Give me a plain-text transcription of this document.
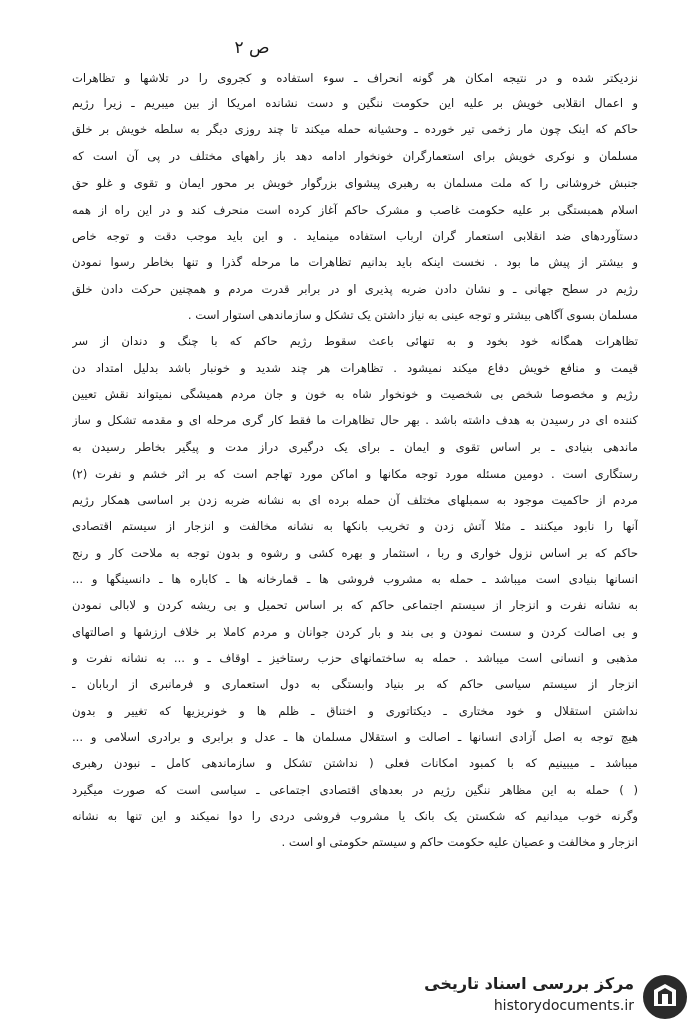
ص ۲
نزدیکتر شده و در نتیجه امکان هر گونه انحراف ـ سوء استفاده و کجروی را در تلاشها و تظاهرات
و اعمال انقلابی خویش بر علیه این حکومت ننگین و دست نشانده امریکا از بین میبریم ـ زیرا رژیم
حاکم که اینک چون مار زخمی تیر خورده ـ وحشیانه حمله میکند تا چند روزی دیگر به سلطه خویش بر خلق
مسلمان و نوکری خویش برای استعمارگران خونخوار ادامه دهد باز راههای مختلف در پی آن است که
جنبش خروشانی را که ملت مسلمان به رهبری پیشوای بزرگوار خویش بر محور ایمان و تقوی و غلو حق
اسلام همبستگی بر علیه حکومت غاصب و مشرک حاکم آغاز کرده است منحرف کند و در این راه از همه
دستآوردهای ضد انقلابی استعمار گران ارباب استفاده مینماید . و این باید موجب دقت و توجه خاص
و بیشتر از پیش ما بود . نخست اینکه باید بدانیم تظاهرات ما مرحله گذرا و تنها بخاطر رسوا نمودن
رژیم در سطح جهانی ـ و نشان دادن ضربه پذیری او در برابر قدرت مردم و همچنین حرکت دادن خلق
مسلمان بسوی آگاهی بیشتر و توجه عینی به نیاز داشتن یک تشکل و سازماندهی استوار است .
تظاهرات همگانه خود بخود و به تنهائی باعث سقوط رژیم حاکم که با چنگ و دندان از سر
قیمت و منافع خویش دفاع میکند نمیشود . تظاهرات هر چند شدید و خونبار باشد بدلیل امتداد دن
رژیم و مخصوصا شخص بی شخصیت و خونخوار شاه به خون و جان مردم همیشگی نمیتواند نقش تعیین
کننده ای در رسیدن به هدف داشته باشد . بهر حال تظاهرات ما فقط کار گری مرحله ای و مقدمه تشکل و ساز
ماندهی بنیادی ـ بر اساس تقوی و ایمان ـ برای یک درگیری دراز مدت و پیگیر بخاطر رسیدن به
رستگاری است . دومین مسئله مورد توجه مکانها و اماکن مورد تهاجم است که بر اثر خشم و نفرت (۲)
مردم از حاکمیت موجود به سمبلهای مختلف آن حمله برده ای به نشانه ضربه زدن بر اساسی همکار رژیم
آنها را نابود میکنند ـ مثلا آتش زدن و تخریب بانکها به نشانه مخالفت و انزجار از سیستم اقتصادی
حاکم که بر اساس نزول خواری و ربا ، استثمار و بهره کشی و رشوه و بدون توجه به ملاحت کار و رنج
انسانها بنیادی است میباشد ـ حمله به مشروب فروشی ها ـ قمارخانه ها ـ کاباره ها ـ دانسینگها و ...
به نشانه نفرت و انزجار از سیستم اجتماعی حاکم که بر اساس تحمیل و بی ریشه کردن و لابالی نمودن
و بی اصالت کردن و سست نمودن و بی بند و بار کردن جوانان و مردم کاملا بر خلاف ارزشها و اصالتهای
مذهبی و انسانی است میباشد . حمله به ساختمانهای حزب رستاخیز ـ اوقاف ـ و ... به نشانه نفرت و
انزجار از سیستم سیاسی حاکم که بر بنیاد وابستگی به دول استعماری و فرمانبری از اربابان ـ
نداشتن استقلال و خود مختاری ـ دیکتاتوری و اختناق ـ ظلم ها و خونریزیها که تغییر و بدون
هیچ توجه به اصل آزادی انسانها ـ اصالت و استقلال مسلمان ها ـ عدل و برابری و برادری اسلامی و ...
میباشد ـ میبینیم که با کمبود امکانات فعلی ( نداشتن تشکل و سازماندهی کامل ـ نبودن رهبری
( ) حمله به این مظاهر ننگین رژیم در بعدهای اقتصادی اجتماعی ـ سیاسی است که صورت میگیرد
وگرنه خوب میدانیم که شکستن یک بانک یا مشروب فروشی دردی را دوا نمیکند و این تنها به نشانه
انزجار و مخالفت و عصیان علیه حکومت حاکم و سیستم حکومتی او است .
مرکز بررسی اسناد تاریخی
historydocuments.ir
